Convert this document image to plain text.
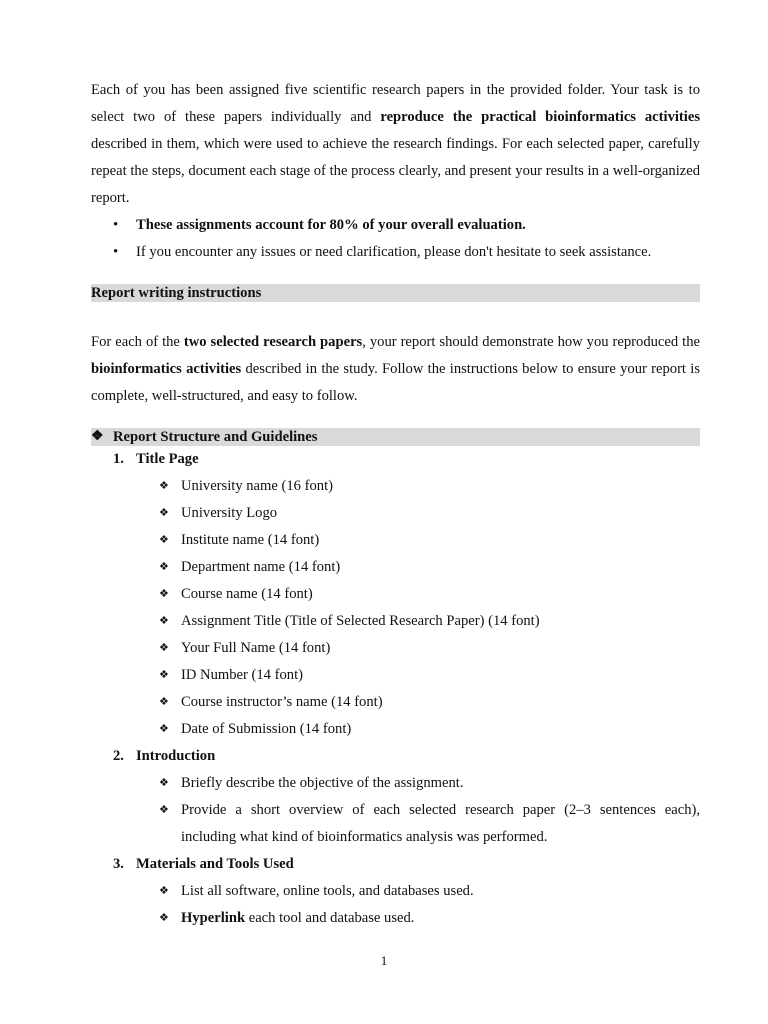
Each of you has been assigned five scientific research papers in the provided folder. Your task is to select two of these papers individually and reproduce the practical bioinformatics activities described in them, which were used to achieve the research findings. For each selected paper, carefully repeat the steps, document each stage of the process clearly, and present your results in a well-organized report.

• These assignments account for 80% of your overall evaluation.
• If you encounter any issues or need clarification, please don't hesitate to seek assistance.
Report writing instructions

For each of the two selected research papers, your report should demonstrate how you reproduced the bioinformatics activities described in the study. Follow the instructions below to ensure your report is complete, well-structured, and easy to follow.

❖ Report Structure and Guidelines
1. Title Page
❖ University name (16 font)
❖ University Logo
❖ Institute name (14 font)
❖ Department name (14 font)
❖ Course name (14 font)
❖ Assignment Title (Title of Selected Research Paper) (14 font)
❖ Your Full Name (14 font)
❖ ID Number (14 font)
❖ Course instructor’s name (14 font)
❖ Date of Submission (14 font)
2. Introduction
❖ Briefly describe the objective of the assignment.
❖ Provide a short overview of each selected research paper (2–3 sentences each), including what kind of bioinformatics analysis was performed.
3. Materials and Tools Used
❖ List all software, online tools, and databases used.
❖ Hyperlink each tool and database used.
1
